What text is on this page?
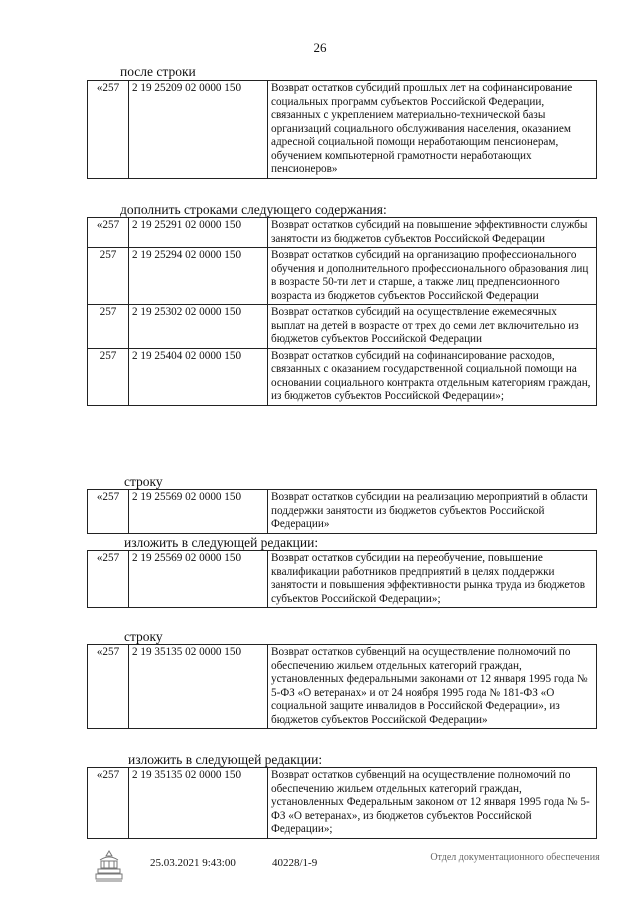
26
после строки
«257	2 19 25209 02 0000 150	Возврат остатков субсидий прошлых лет на софинансирование социальных программ субъектов Российской Федерации, связанных с укреплением материально-технической базы организаций социального обслуживания населения, оказанием адресной социальной помощи неработающим пенсионерам, обучением компьютерной грамотности неработающих пенсионеров»
дополнить строками следующего содержания:
«257	2 19 25291 02 0000 150	Возврат остатков субсидий на повышение эффективности службы занятости из бюджетов субъектов Российской Федерации
257	2 19 25294 02 0000 150	Возврат остатков субсидий на организацию профессионального обучения и дополнительного профессионального образования лиц в возрасте 50-ти лет и старше, а также лиц предпенсионного возраста из бюджетов субъектов Российской Федерации
257	2 19 25302 02 0000 150	Возврат остатков субсидий на осуществление ежемесячных выплат на детей в возрасте от трех до семи лет включительно из бюджетов субъектов Российской Федерации
257	2 19 25404 02 0000 150	Возврат остатков субсидий на софинансирование расходов, связанных с оказанием государственной социальной помощи на основании социального контракта отдельным категориям граждан, из бюджетов субъектов Российской Федерации»;
строку
«257	2 19 25569 02 0000 150	Возврат остатков субсидии на реализацию мероприятий в области поддержки занятости из бюджетов субъектов Российской Федерации»
изложить в следующей редакции:
«257	2 19 25569 02 0000 150	Возврат остатков субсидии на переобучение, повышение квалификации работников предприятий в целях поддержки занятости и повышения эффективности рынка труда из бюджетов субъектов Российской Федерации»;
строку
«257	2 19 35135 02 0000 150	Возврат остатков субвенций на осуществление полномочий по обеспечению жильем отдельных категорий граждан, установленных федеральными законами от 12 января 1995 года № 5-ФЗ «О ветеранах» и от 24 ноября 1995 года № 181-ФЗ «О социальной защите инвалидов в Российской Федерации», из бюджетов субъектов Российской Федерации»
изложить в следующей редакции:
«257	2 19 35135 02 0000 150	Возврат остатков субвенций на осуществление полномочий по обеспечению жильем отдельных категорий граждан, установленных Федеральным законом от 12 января 1995 года № 5-ФЗ «О ветеранах», из бюджетов субъектов Российской Федерации»;
25.03.2021 9:43:00	40228/1-9	Отдел документационного обеспечения
